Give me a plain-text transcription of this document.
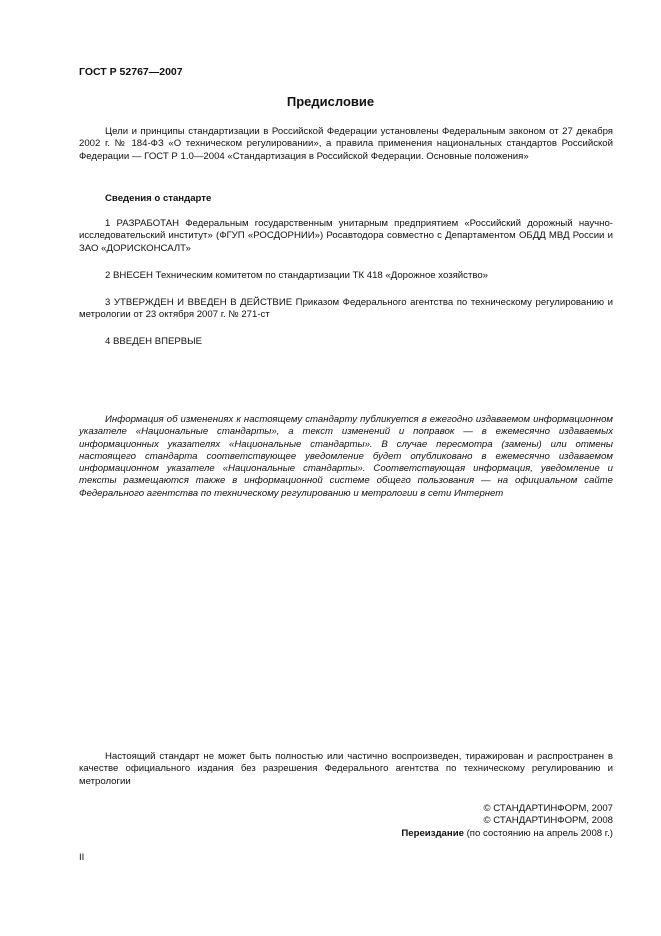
ГОСТ Р 52767—2007
Предисловие
Цели и принципы стандартизации в Российской Федерации установлены Федеральным законом от 27 декабря 2002 г. № 184-ФЗ «О техническом регулировании», а правила применения национальных стандартов Российской Федерации — ГОСТ Р 1.0—2004 «Стандартизация в Российской Федерации. Основные положения»
Сведения о стандарте
1 РАЗРАБОТАН Федеральным государственным унитарным предприятием «Российский дорожный научно-исследовательский институт» (ФГУП «РОСДОРНИИ») Росавтодора совместно с Департаментом ОБДД МВД России и ЗАО «ДОРИСКОНСАЛТ»
2 ВНЕСЕН Техническим комитетом по стандартизации ТК 418 «Дорожное хозяйство»
3 УТВЕРЖДЕН И ВВЕДЕН В ДЕЙСТВИЕ Приказом Федерального агентства по техническому регулированию и метрологии от 23 октября 2007 г. № 271-ст
4 ВВЕДЕН ВПЕРВЫЕ
Информация об изменениях к настоящему стандарту публикуется в ежегодно издаваемом информационном указателе «Национальные стандарты», а текст изменений и поправок — в ежемесячно издаваемых информационных указателях «Национальные стандарты». В случае пересмотра (замены) или отмены настоящего стандарта соответствующее уведомление будет опубликовано в ежемесячно издаваемом информационном указателе «Национальные стандарты». Соответствующая информация, уведомление и тексты размещаются также в информационной системе общего пользования — на официальном сайте Федерального агентства по техническому регулированию и метрологии в сети Интернет
Настоящий стандарт не может быть полностью или частично воспроизведен, тиражирован и распространен в качестве официального издания без разрешения Федерального агентства по техническому регулированию и метрологии
© СТАНДАРТИНФОРМ, 2007
© СТАНДАРТИНФОРМ, 2008
Переиздание (по состоянию на апрель 2008 г.)
II
